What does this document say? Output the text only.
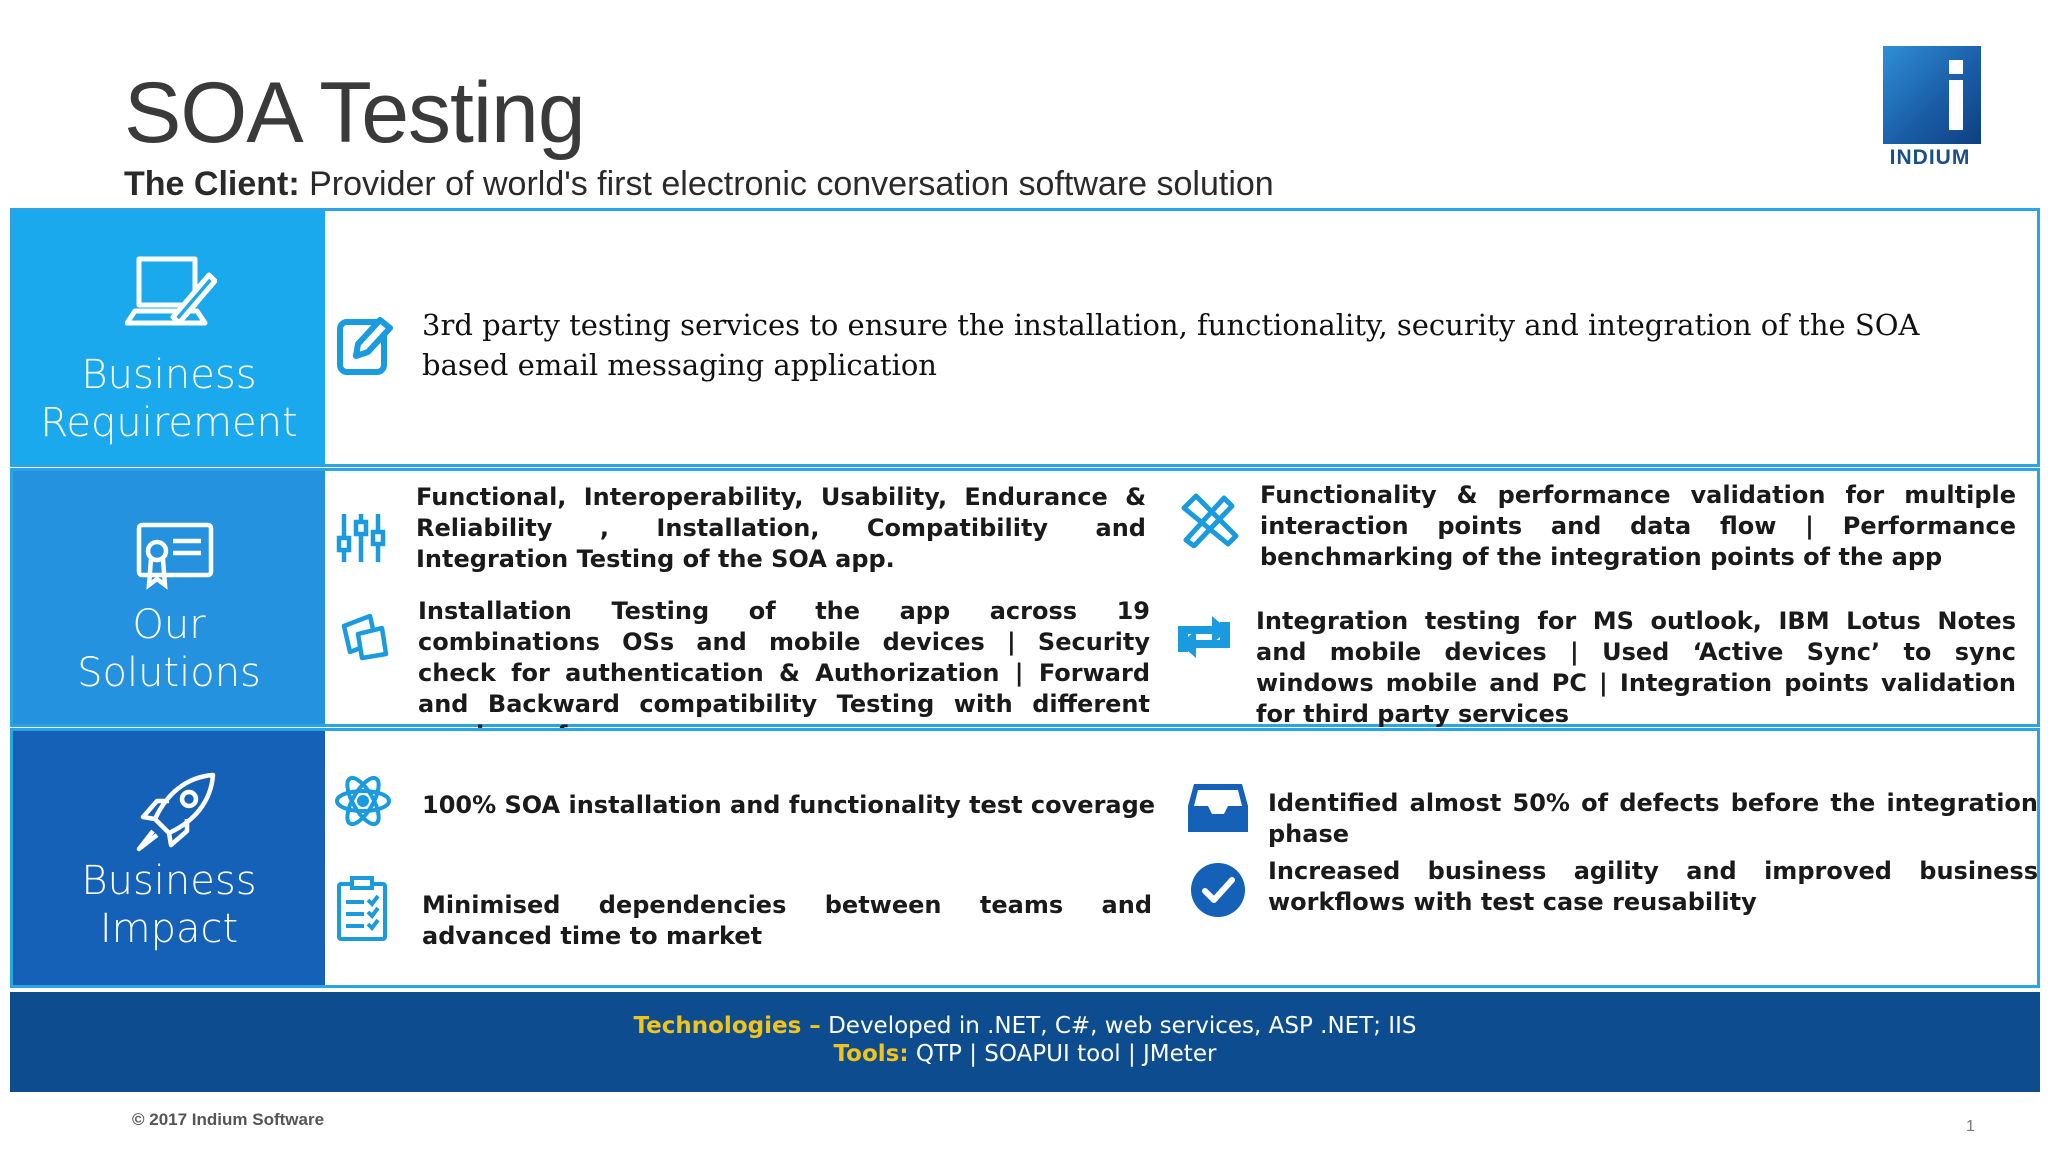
SOA Testing
The Client: Provider of world's first electronic conversation software solution
INDIUM
Business
Requirement
3rd party testing services to ensure the installation, functionality, security and integration of the SOA based email messaging application
Our
Solutions
Functional, Interoperability, Usability, Endurance & Reliability , Installation, Compatibility and Integration Testing of the SOA app.
Functionality & performance validation for multiple interaction points and data flow | Performance benchmarking of the integration points of the app
Installation Testing of the app across 19 combinations OSs and mobile devices | Security check for authentication & Authorization | Forward and Backward compatibility Testing with different
Integration testing for MS outlook, IBM Lotus Notes and mobile devices | Used ‘Active Sync’ to sync windows mobile and PC | Integration points validation for third party services
Business
Impact
100% SOA installation and functionality test coverage	Identified almost 50% of defects before the integration phase
Minimised dependencies between teams and advanced time to market
Increased business agility and improved business workflows with test case reusability
Technologies – Developed in .NET, C#, web services, ASP .NET; IIS
Tools: QTP | SOAPUI tool | JMeter
© 2017 Indium Software	1
